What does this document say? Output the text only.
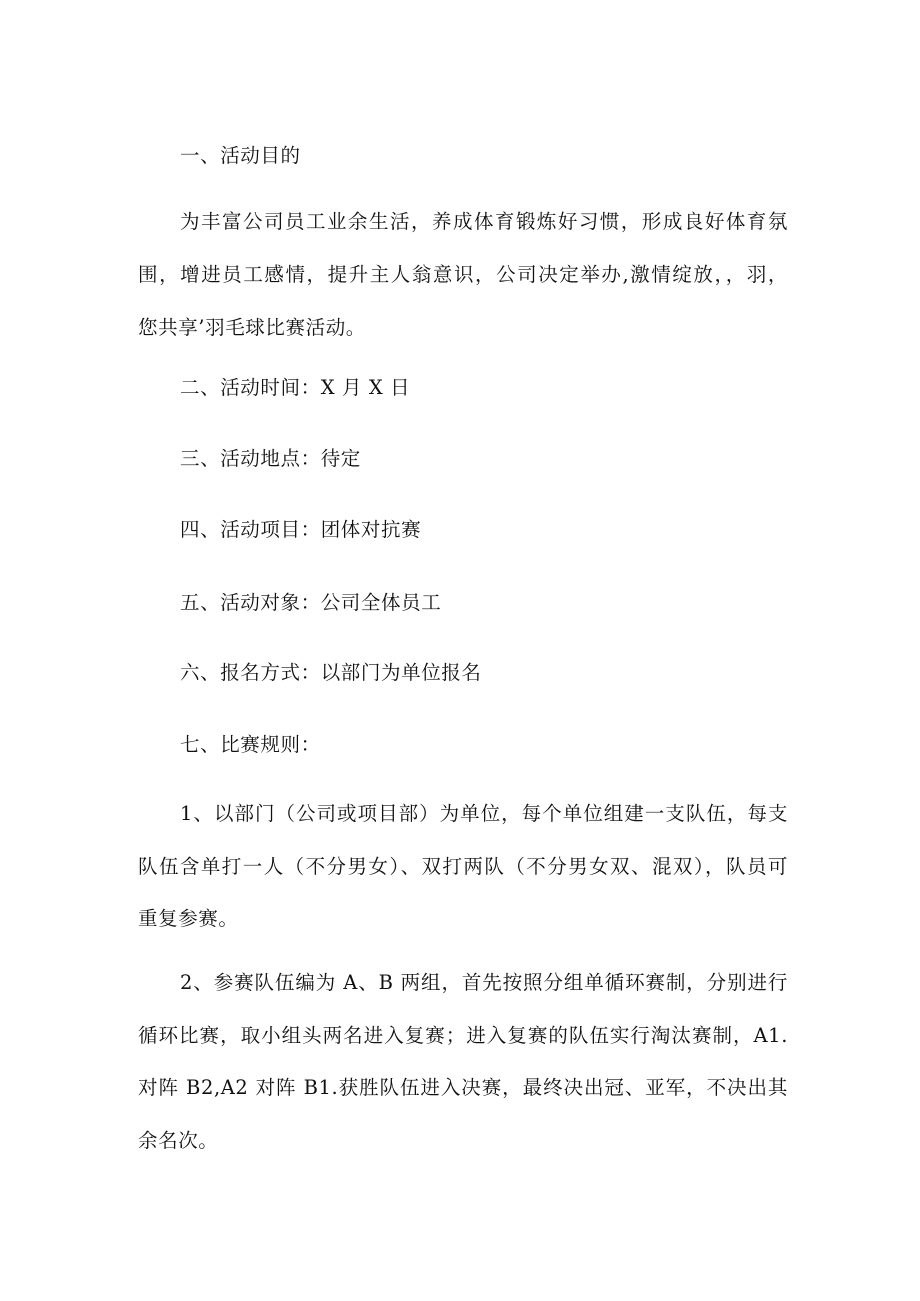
一、活动目的
为丰富公司员工业余生活，养成体育锻炼好习惯，形成良好体育氛
围，增进员工感情，提升主人翁意识，公司决定举办,激情绽放，，羽，
您共享’羽毛球比赛活动。
二、活动时间：X 月 X 日
三、活动地点：待定
四、活动项目：团体对抗赛
五、活动对象：公司全体员工
六、报名方式：以部门为单位报名
七、比赛规则：
1、以部门（公司或项目部）为单位，每个单位组建一支队伍，每支
队伍含单打一人（不分男女）、双打两队（不分男女双、混双），队员可
重复参赛。
2、参赛队伍编为 A、B 两组，首先按照分组单循环赛制，分别进行
循环比赛，取小组头两名进入复赛；进入复赛的队伍实行淘汰赛制，A1.
对阵 B2,A2 对阵 B1.获胜队伍进入决赛，最终决出冠、亚军，不决出其
余名次。
